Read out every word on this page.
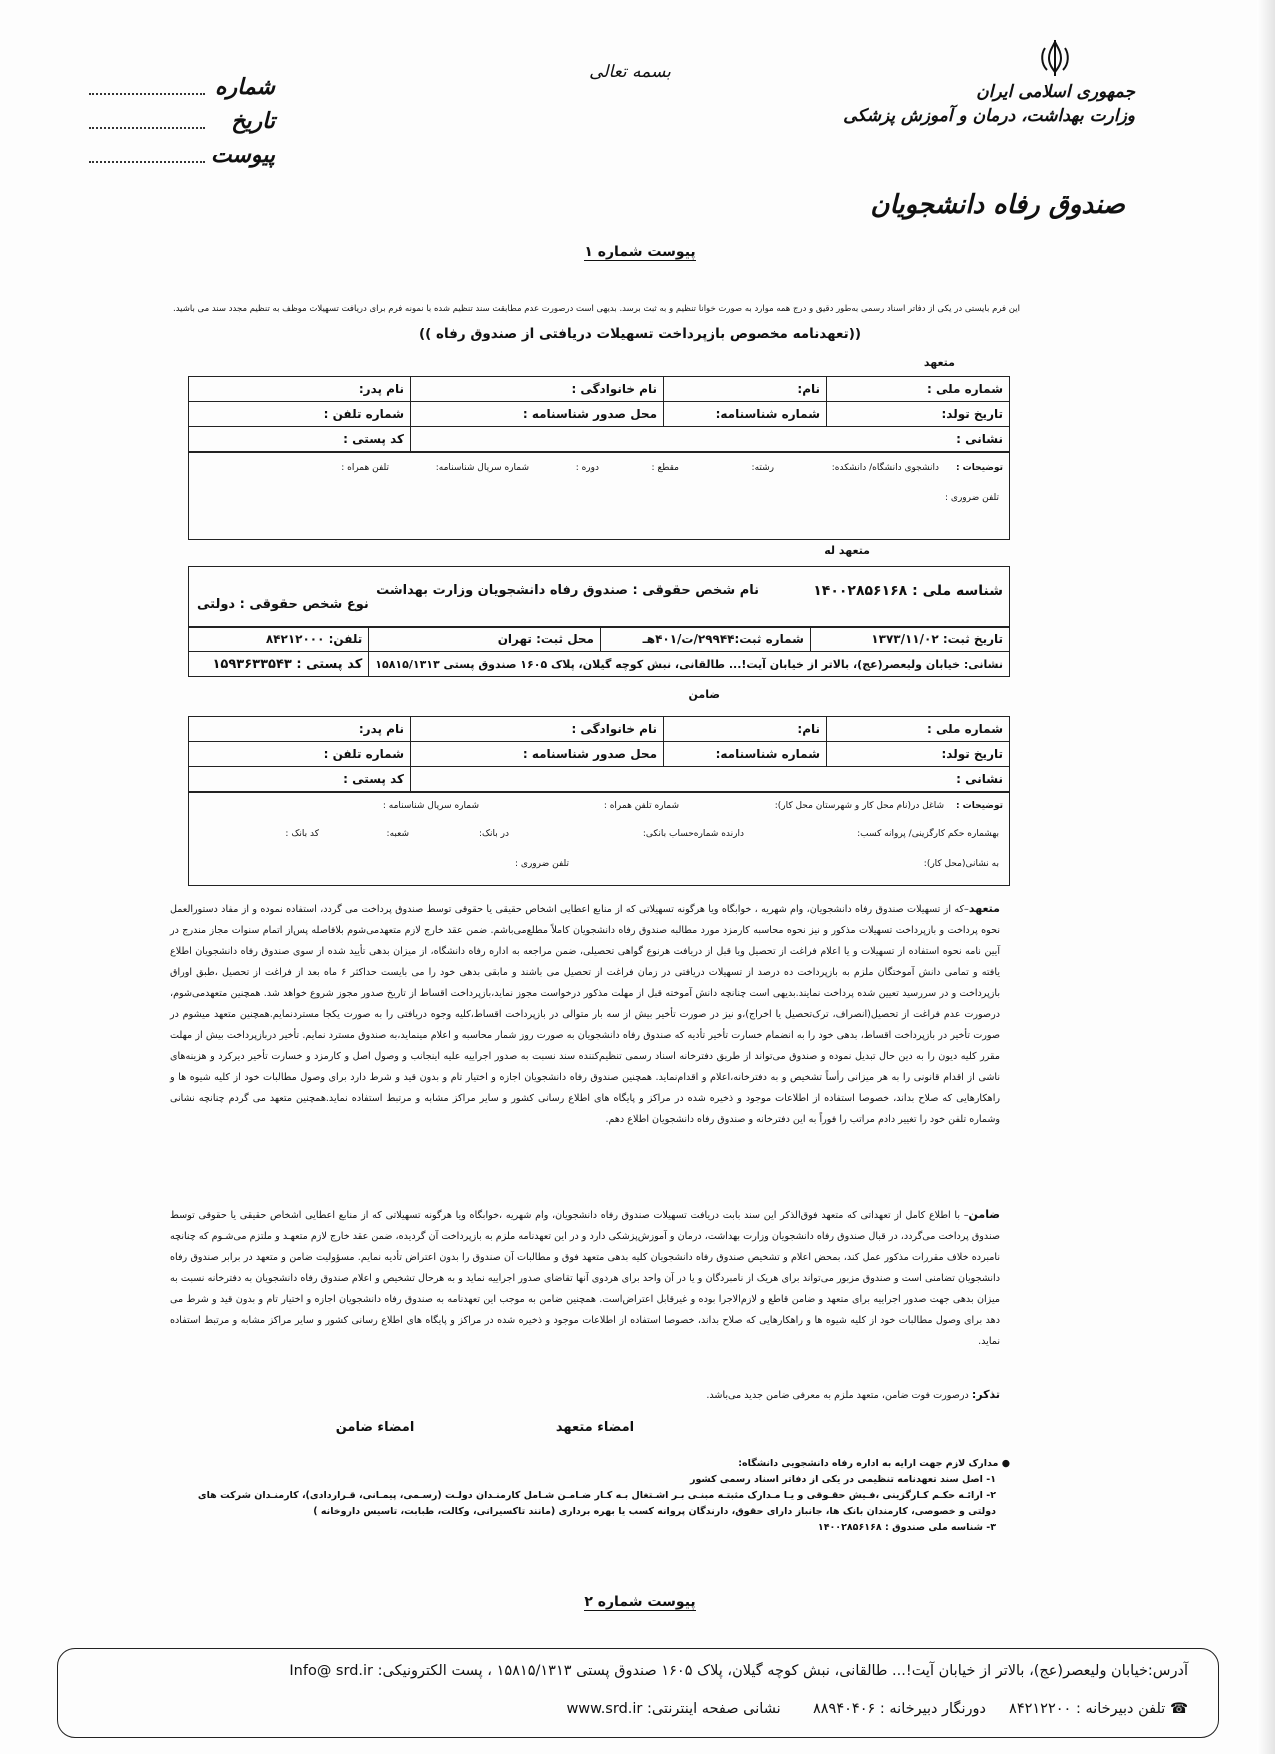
بسمه تعالی
جمهوری اسلامی ایران
وزارت بهداشت، درمان و آموزش پزشکی
صندوق رفاه دانشجویان
شماره
تاریخ
پیوست
پیوست شماره ۱
این فرم بایستی در یکی از دفاتر اسناد رسمی به‌طور دقیق و درج همه موارد به صورت خوانا تنظیم و به ثبت برسد. بدیهی است درصورت عدم مطابقت سند تنظیم شده با نمونه فرم برای دریافت تسهیلات موظف به تنظیم مجدد سند می باشید.
((تعهدنامه مخصوص بازپرداخت تسهیلات دریافتی از صندوق رفاه ))
متعهد
شماره ملی :	نام:	نام خانوادگی :	نام پدر:
تاریخ تولد:	شماره شناسنامه:	محل صدور شناسنامه :	شماره تلفن :
نشانی :			کد پستی :
توضیحات :
دانشجوی دانشگاه/ دانشکده:
رشته:
مقطع :
دوره :
شماره سریال شناسنامه:
تلفن همراه :
تلفن ضروری :
متعهد له
شناسه ملی : ۱۴۰۰۲۸۵۶۱۶۸
نام شخص حقوقی : صندوق رفاه دانشجویان وزارت بهداشت
نوع شخص حقوقی : دولتی
تاریخ ثبت: ۱۳۷۳/۱۱/۰۲	شماره ثبت:۲۹۹۴۴/ت/۴۰۱هـ	محل ثبت: تهران	تلفن: ۸۴۲۱۲۰۰۰
نشانی: خیابان ولیعصر(عج)، بالاتر از خیابان آیت!... طالقانی، نبش کوچه گیلان، پلاک ۱۶۰۵ صندوق پستی ۱۵۸۱۵/۱۳۱۳			کد پستی : ۱۵۹۳۶۳۳۵۴۳
ضامن
شماره ملی :	نام:	نام خانوادگی :	نام پدر:
تاریخ تولد:	شماره شناسنامه:	محل صدور شناسنامه :	شماره تلفن :
نشانی :			کد پستی :
توضیحات :
شاغل در(نام محل کار و شهرستان محل کار):
شماره تلفن همراه :
شماره سریال شناسنامه :
بهشماره حکم کارگزینی/ پروانه کسب:
دارنده شماره‌حساب بانکی:
در بانک:
شعبه:
کد بانک :
به نشانی(محل کار):
تلفن ضروری :
متعهد–که از تسهیلات صندوق رفاه دانشجویان، وام شهریه ، خوابگاه ویا هرگونه تسهیلاتی که از منابع اعطایی اشخاص حقیقی یا حقوقی توسط صندوق پرداخت می گردد، استفاده نموده و از مفاد دستورالعمل نحوه پرداخت و بازپرداخت تسهیلات مذکور و نیز نحوه محاسبه کارمزد مورد مطالبه صندوق رفاه دانشجویان کاملاً مطلع‌می‌باشم. ضمن عقد خارج لازم متعهدمی‌شوم بلافاصله پس‌از اتمام سنوات مجاز مندرج در آیین نامه نحوه استفاده از تسهیلات و یا اعلام فراغت از تحصیل ویا قبل از دریافت هرنوع گواهی تحصیلی، ضمن مراجعه به اداره رفاه دانشگاه، از میزان بدهی تأیید شده از سوی صندوق رفاه دانشجویان اطلاع یافته و تمامی دانش آموختگان ملزم به بازپرداخت ده درصد از تسهیلات دریافتی در زمان فراغت از تحصیل می باشند و مابقی بدهی خود را می بایست حداکثر ۶ ماه بعد از فراغت از تحصیل ،طبق اوراق بازپرداخت و در سررسید تعیین شده پرداخت نمایند.بدیهی است چنانچه دانش آموخته قبل از مهلت مذکور درخواست مجوز نماید،بازپرداخت اقساط از تاریخ صدور مجوز شروع خواهد شد. همچنین متعهدمی‌شوم، درصورت عدم فراغت از تحصیل(انصراف، ترک‌تحصیل یا اخراج)،و نیز در صورت تأخیر بیش از سه بار متوالی در بازپرداخت اقساط،کلیه وجوه دریافتی را به صورت یکجا مستردنمایم.همچنین متعهد میشوم در صورت تأخیر در بازپرداخت اقساط، بدهی خود را به انضمام خسارت تأخیر تأدیه که صندوق رفاه دانشجویان به صورت روز شمار محاسبه و اعلام مینماید،به صندوق مسترد نمایم. تأخیر دربازپرداخت بیش از مهلت مقرر کلیه دیون را به دین حال تبدیل نموده و صندوق می‌تواند از طریق دفترخانه اسناد رسمی تنظیم‌کننده سند نسبت به صدور اجراییه علیه اینجانب و وصول اصل و کارمزد و خسارت تأخیر دیرکرد و هزینه‌های ناشی از اقدام قانونی را به هر میزانی رأساً تشخیص و به دفترخانه،اعلام و اقدام‌نماید. همچنین صندوق رفاه دانشجویان اجازه و اختیار تام و بدون قید و شرط دارد برای وصول مطالبات خود از کلیه شیوه ها و راهکارهایی که صلاح بداند، خصوصا استفاده از اطلاعات موجود و ذخیره شده در مراکز و پایگاه های اطلاع رسانی کشور و سایر مراکز مشابه و مرتبط استفاده نماید.همچنین متعهد می گردم چنانچه نشانی وشماره تلفن خود را تغییر دادم مراتب را فوراً به این دفترخانه و صندوق رفاه دانشجویان اطلاع دهم.
ضامن– با اطلاع کامل از تعهداتی که متعهد فوق‌الذکر این سند بابت دریافت تسهیلات صندوق رفاه دانشجویان، وام شهریه ،خوابگاه ویا هرگونه تسهیلاتی که از منابع اعطایی اشخاص حقیقی یا حقوقی توسط صندوق پرداخت می‌گردد، در قبال صندوق رفاه دانشجویان وزارت بهداشت، درمان و آموزش‌پزشکی دارد و در این تعهدنامه ملزم به بازپرداخت آن گردیده، ضمن عقد خارج لازم متعهـد و ملتزم می‌شـوم که چنانچه نامبرده خلاف مقررات مذکور عمل کند، بمحض اعلام و تشخیص صندوق رفاه دانشجویان کلیه بدهی متعهد فوق و مطالبات آن صندوق را بدون اعتراض تأدیه نمایم. مسؤولیت ضامن و متعهد در برابر صندوق رفاه دانشجویان تضامنی است و صندوق مزبور می‌تواند برای هریک از نامبردگان و یا در آن واحد برای هردوی آنها تقاضای صدور اجراییه نماید و به هرحال تشخیص و اعلام صندوق رفاه دانشجویان به دفترخانه نسبت به میزان بدهی جهت صدور اجراییه برای متعهد و ضامن قاطع و لازم‌الاجرا بوده و غیرقابل اعتراض‌است. همچنین ضامن به موجب این تعهدنامه به صندوق رفاه دانشجویان اجازه و اختیار تام و بدون قید و شرط می دهد برای وصول مطالبات خود از کلیه شیوه ها و راهکارهایی که صلاح بداند، خصوصا استفاده از اطلاعات موجود و ذخیره شده در مراکز و پایگاه های اطلاع رسانی کشور و سایر مراکز مشابه و مرتبط استفاده نماید.
تذکر: درصورت فوت ضامن، متعهد ملزم به معرفی ضامن جدید می‌باشد.
امضاء متعهد
امضاء ضامن
● مدارک لازم جهت ارایه به اداره رفاه دانشجویی دانشگاه:
۱- اصل سند تعهدنامه تنظیمی در یکی از دفاتر اسناد رسمی کشور
۲- ارائـه حکـم کـارگزینی ،فـیش حقـوقی و یـا مـدارک مثبتـه مبنـی بـر اشـتغال بـه کـار ضـامـن شـامل کارمنـدان دولـت (رسـمی، پیمـانی، قـراردادی)، کارمنـدان شرکت های دولتی و خصوصی، کارمندان بانک ها، جانباز دارای حقوق، دارندگان پروانه کسب یا بهره برداری (مانند تاکسیرانی، وکالت، طبابت، تاسیس داروخانه )
۳- شناسه ملی صندوق : ۱۴۰۰۲۸۵۶۱۶۸
پیوست شماره ۲
آدرس:خیابان ولیعصر(عج)، بالاتر از خیابان آیت!... طالقانی، نبش کوچه گیلان، پلاک ۱۶۰۵ صندوق پستی ۱۵۸۱۵/۱۳۱۳ ، پست الکترونیکی: Info@ srd.ir
☎ تلفن دبیرخانه : ۸۴۲۱۲۲۰۰     دورنگار دبیرخانه : ۸۸۹۴۰۴۰۶       نشانی صفحه اینترنتی: www.srd.ir
